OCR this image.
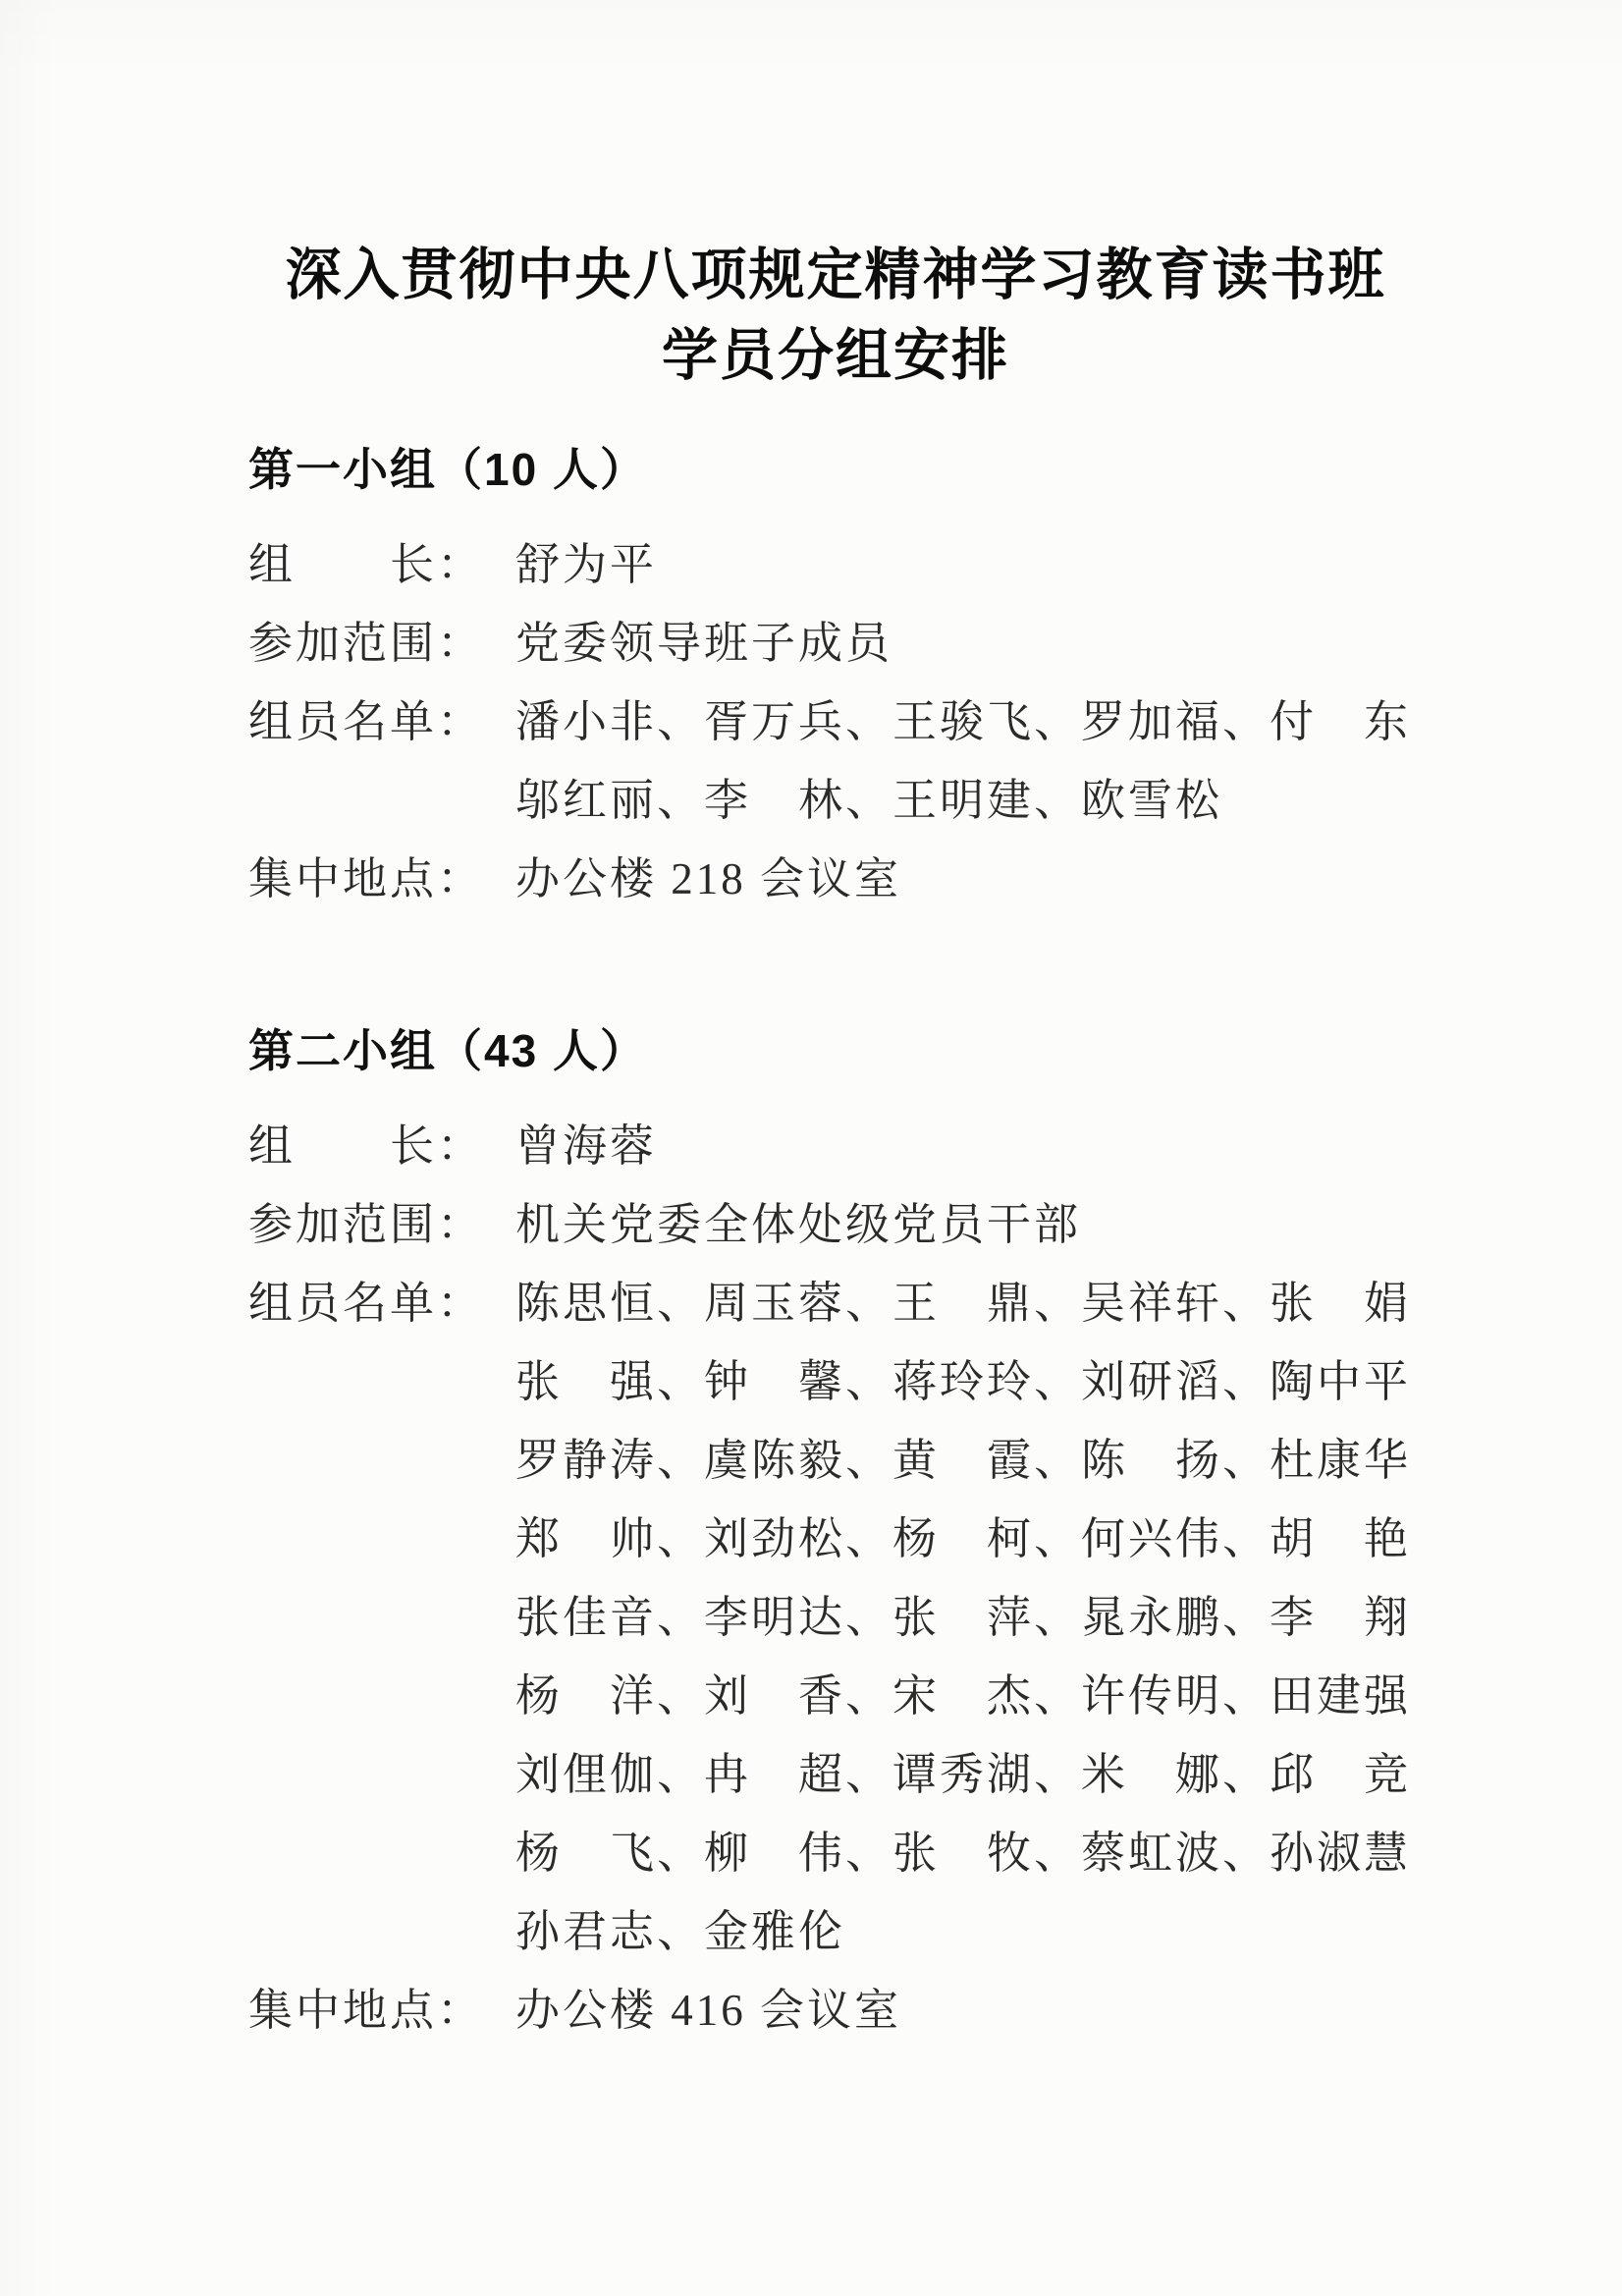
深入贯彻中央八项规定精神学习教育读书班
学员分组安排
第一小组（10 人）
组　　长： 舒为平
参加范围： 党委领导班子成员
组员名单： 潘小非、胥万兵、王骏飞、罗加福、付　东
邬红丽、李　林、王明建、欧雪松
集中地点： 办公楼 218 会议室
第二小组（43 人）
组　　长： 曾海蓉
参加范围： 机关党委全体处级党员干部
组员名单： 陈思恒、周玉蓉、王　鼎、吴祥轩、张　娟
张　强、钟　馨、蒋玲玲、刘研滔、陶中平
罗静涛、虞陈毅、黄　霞、陈　扬、杜康华
郑　帅、刘劲松、杨　柯、何兴伟、胡　艳
张佳音、李明达、张　萍、晁永鹏、李　翔
杨　洋、刘　香、宋　杰、许传明、田建强
刘俚伽、冉　超、谭秀湖、米　娜、邱　竞
杨　飞、柳　伟、张　牧、蔡虹波、孙淑慧
孙君志、金雅伦
集中地点： 办公楼 416 会议室
